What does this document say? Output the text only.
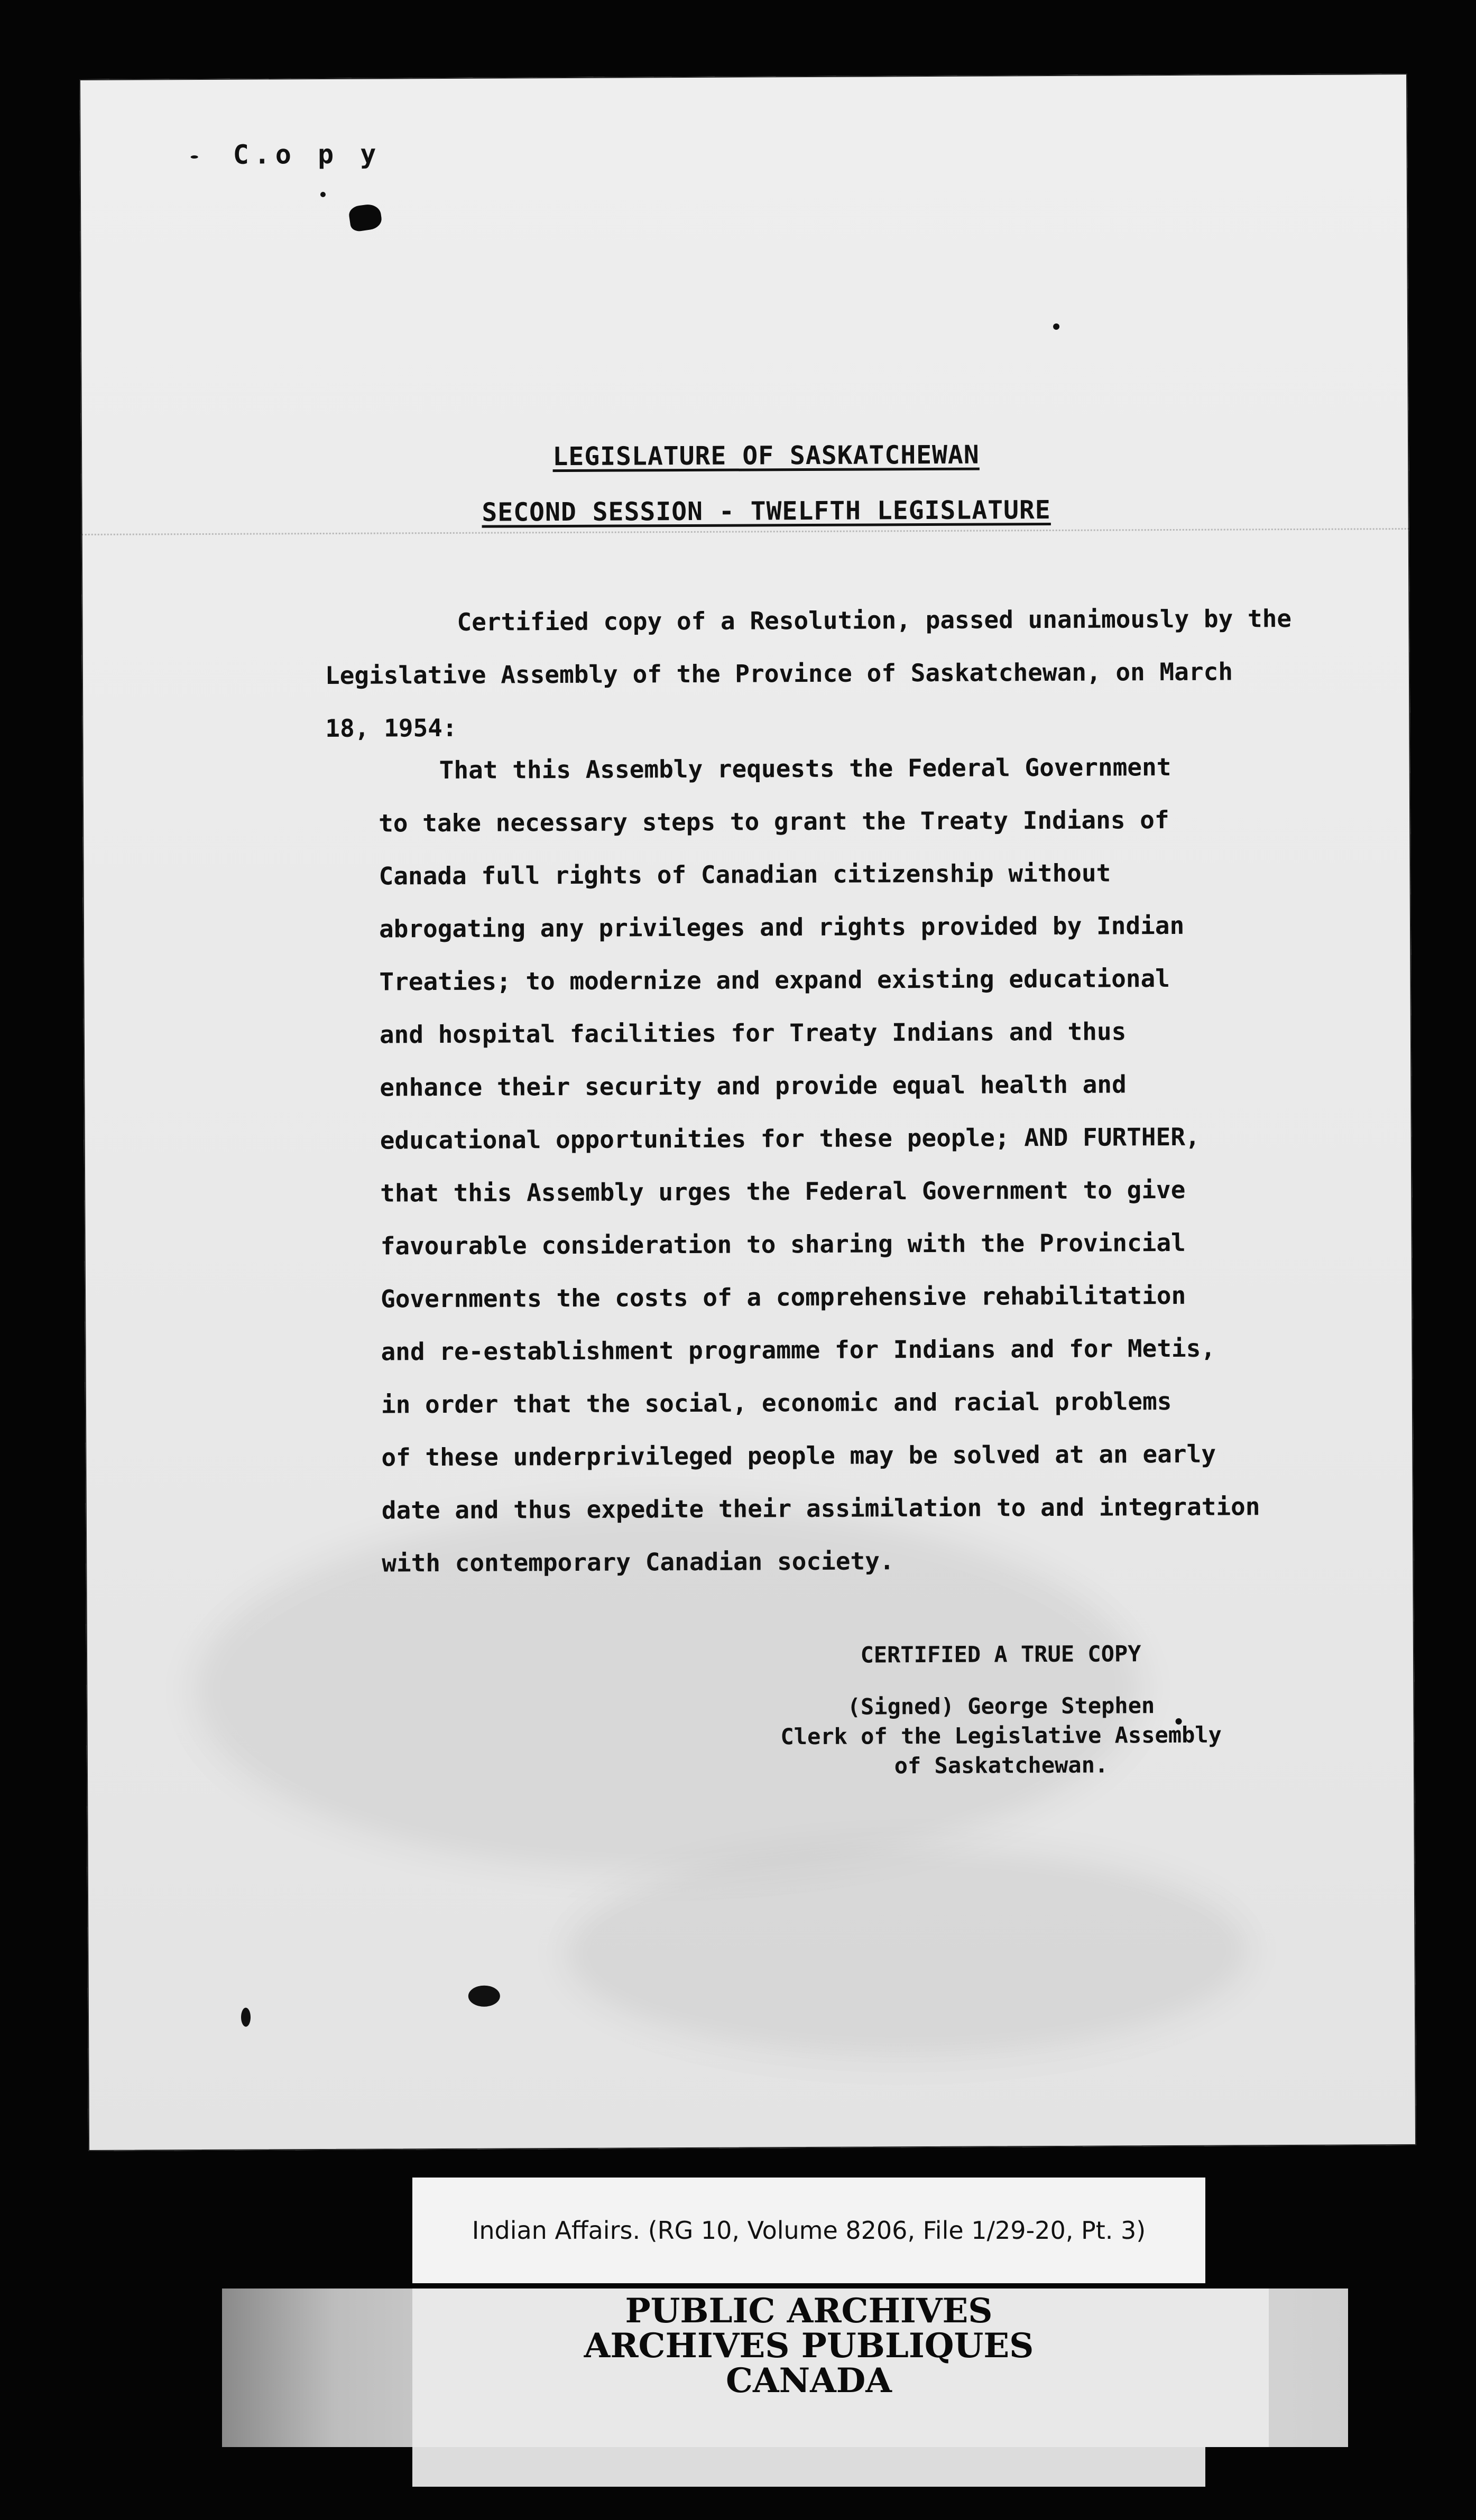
C.o p y
LEGISLATURE OF SASKATCHEWAN
SECOND SESSION - TWELFTH LEGISLATURE
Certified copy of a Resolution, passed unanimously by the
Legislative Assembly of the Province of Saskatchewan, on March
18, 1954:
That this Assembly requests the Federal Government
to take necessary steps to grant the Treaty Indians of
Canada full rights of Canadian citizenship without
abrogating any privileges and rights provided by Indian
Treaties; to modernize and expand existing educational
and hospital facilities for Treaty Indians and thus
enhance their security and provide equal health and
educational opportunities for these people; AND FURTHER,
that this Assembly urges the Federal Government to give
favourable consideration to sharing with the Provincial
Governments the costs of a comprehensive rehabilitation
and re-establishment programme for Indians and for Metis,
in order that the social, economic and racial problems
of these underprivileged people may be solved at an early
date and thus expedite their assimilation to and integration
with contemporary Canadian society.
CERTIFIED A TRUE COPY
(Signed) George Stephen
Clerk of the Legislative Assembly
of Saskatchewan.
Indian Affairs. (RG 10, Volume 8206, File 1/29-20, Pt. 3)
PUBLIC ARCHIVES
ARCHIVES PUBLIQUES
CANADA
